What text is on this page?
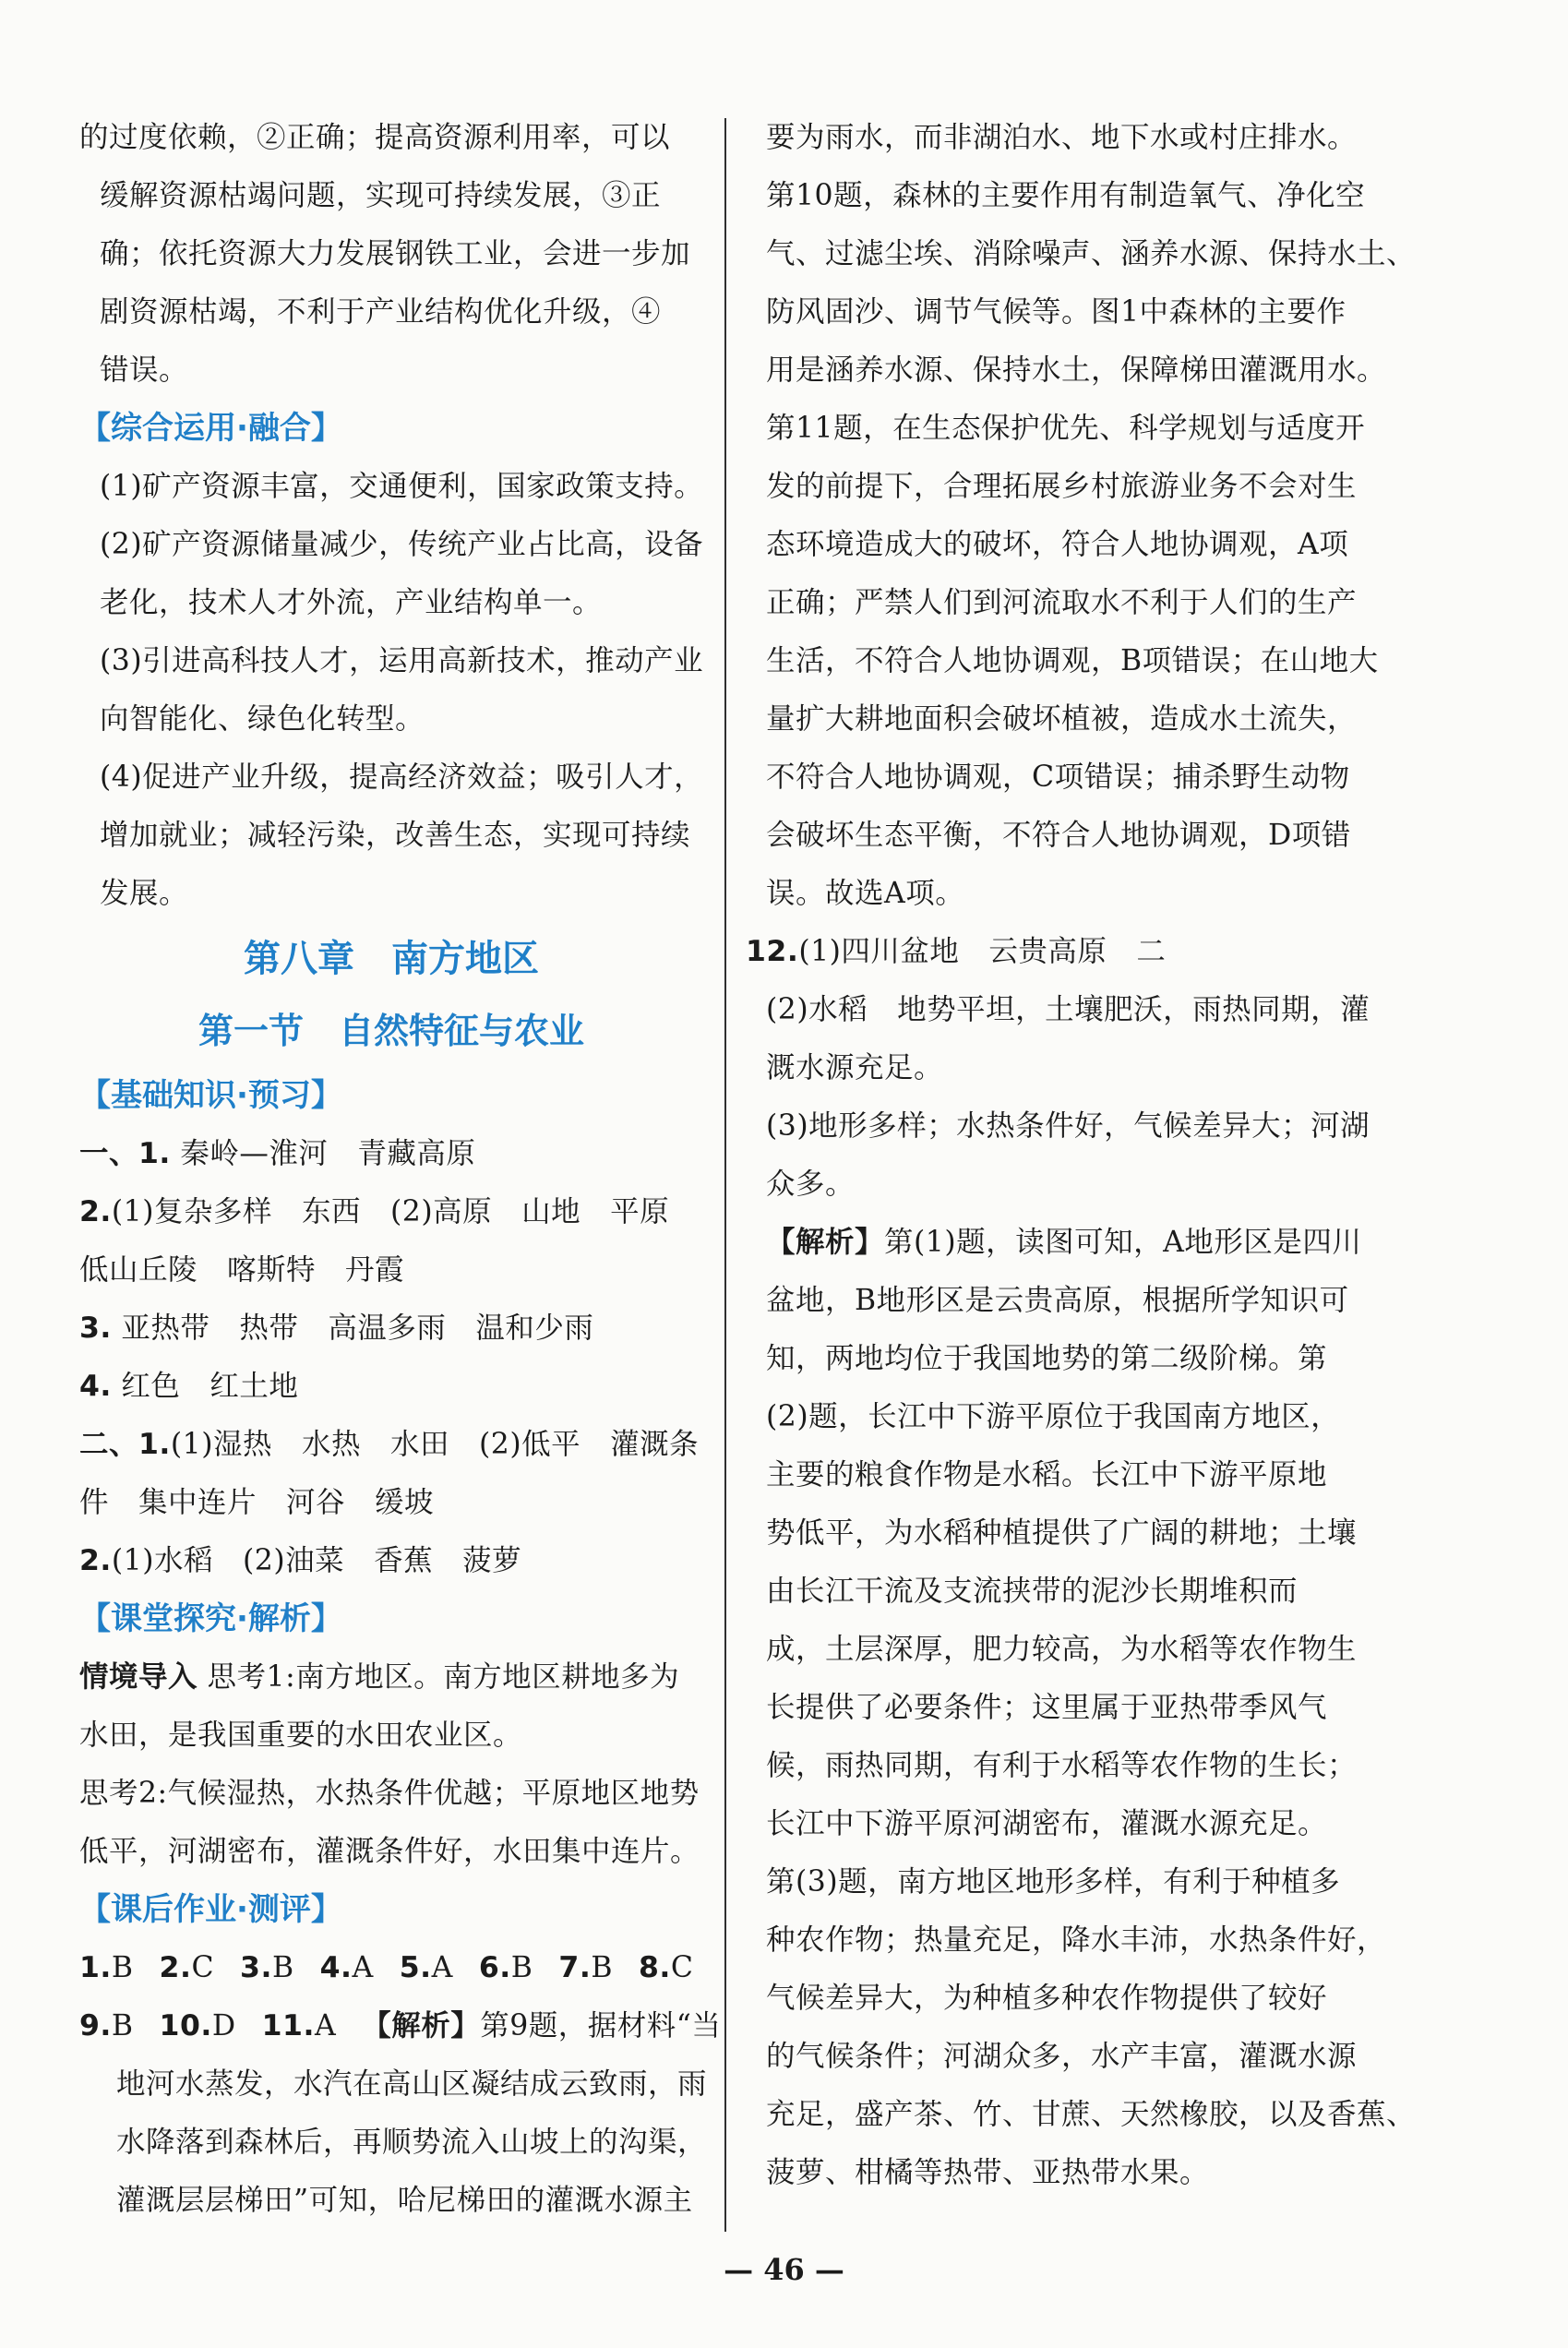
的过度依赖，②正确；提高资源利用率，可以
缓解资源枯竭问题，实现可持续发展，③正
确；依托资源大力发展钢铁工业，会进一步加
剧资源枯竭，不利于产业结构优化升级，④
错误。
【综合运用·融合】
(1)矿产资源丰富，交通便利，国家政策支持。
(2)矿产资源储量减少，传统产业占比高，设备
老化，技术人才外流，产业结构单一。
(3)引进高科技人才，运用高新技术，推动产业
向智能化、绿色化转型。
(4)促进产业升级，提高经济效益；吸引人才，
增加就业；减轻污染，改善生态，实现可持续
发展。
第八章　南方地区
第一节　自然特征与农业
【基础知识·预习】
一、1. 秦岭—淮河　青藏高原
2.(1)复杂多样　东西　(2)高原　山地　平原
低山丘陵　喀斯特　丹霞
3. 亚热带　热带　高温多雨　温和少雨
4. 红色　红土地
二、1.(1)湿热　水热　水田　(2)低平　灌溉条
件　集中连片　河谷　缓坡
2.(1)水稻　(2)油菜　香蕉　菠萝
【课堂探究·解析】
情境导入 思考1:南方地区。南方地区耕地多为
水田，是我国重要的水田农业区。
思考2:气候湿热，水热条件优越；平原地区地势
低平，河湖密布，灌溉条件好，水田集中连片。
【课后作业·测评】
1.B 2.C 3.B 4.A 5.A 6.B 7.B 8.C
9.B 10.D 11.A 【解析】第9题，据材料“当
地河水蒸发，水汽在高山区凝结成云致雨，雨
水降落到森林后，再顺势流入山坡上的沟渠，
灌溉层层梯田”可知，哈尼梯田的灌溉水源主
要为雨水，而非湖泊水、地下水或村庄排水。
第10题，森林的主要作用有制造氧气、净化空
气、过滤尘埃、消除噪声、涵养水源、保持水土、
防风固沙、调节气候等。图1中森林的主要作
用是涵养水源、保持水土，保障梯田灌溉用水。
第11题，在生态保护优先、科学规划与适度开
发的前提下，合理拓展乡村旅游业务不会对生
态环境造成大的破坏，符合人地协调观，A项
正确；严禁人们到河流取水不利于人们的生产
生活，不符合人地协调观，B项错误；在山地大
量扩大耕地面积会破坏植被，造成水土流失，
不符合人地协调观，C项错误；捕杀野生动物
会破坏生态平衡，不符合人地协调观，D项错
误。故选A项。
12.(1)四川盆地　云贵高原　二
(2)水稻　地势平坦，土壤肥沃，雨热同期，灌
溉水源充足。
(3)地形多样；水热条件好，气候差异大；河湖
众多。
【解析】第(1)题，读图可知，A地形区是四川
盆地，B地形区是云贵高原，根据所学知识可
知，两地均位于我国地势的第二级阶梯。第
(2)题，长江中下游平原位于我国南方地区，
主要的粮食作物是水稻。长江中下游平原地
势低平，为水稻种植提供了广阔的耕地；土壤
由长江干流及支流挟带的泥沙长期堆积而
成，土层深厚，肥力较高，为水稻等农作物生
长提供了必要条件；这里属于亚热带季风气
候，雨热同期，有利于水稻等农作物的生长；
长江中下游平原河湖密布，灌溉水源充足。
第(3)题，南方地区地形多样，有利于种植多
种农作物；热量充足，降水丰沛，水热条件好，
气候差异大，为种植多种农作物提供了较好
的气候条件；河湖众多，水产丰富，灌溉水源
充足，盛产茶、竹、甘蔗、天然橡胶，以及香蕉、
菠萝、柑橘等热带、亚热带水果。
— 46 —
